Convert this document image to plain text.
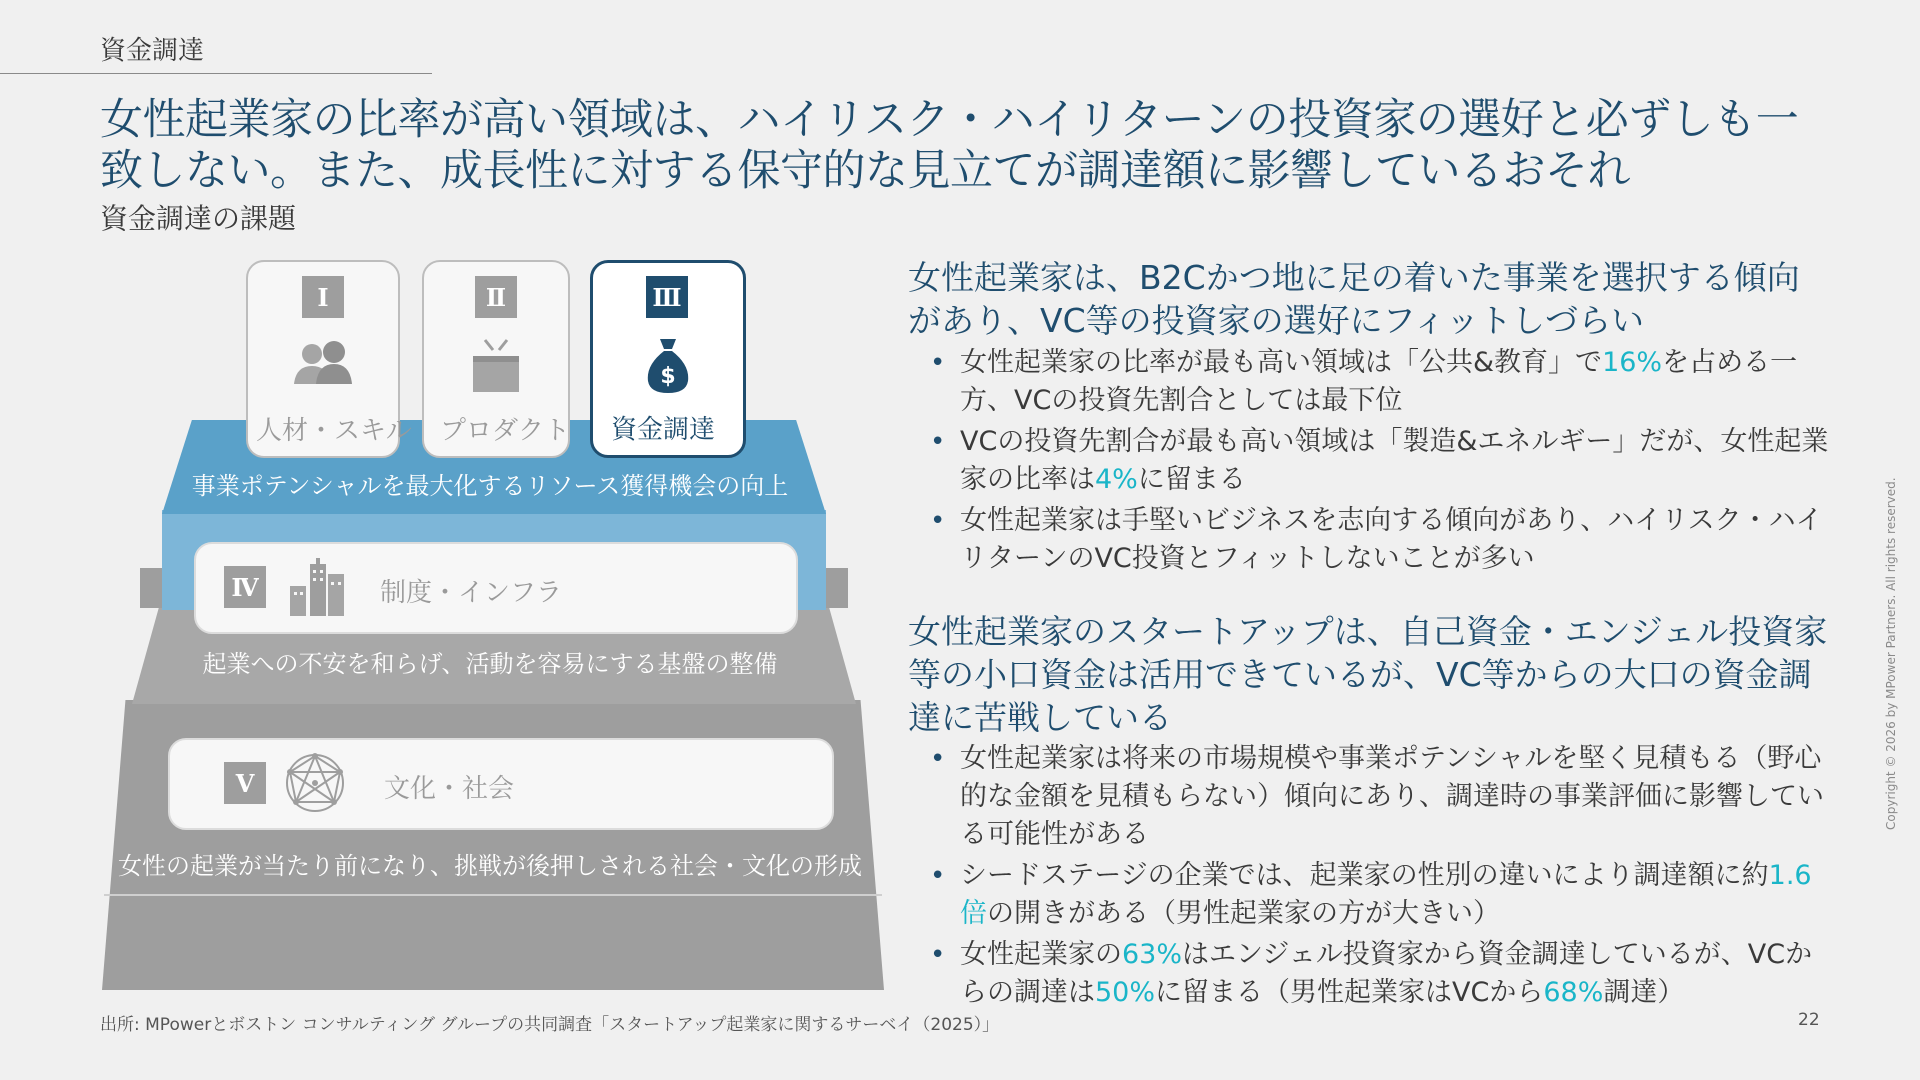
資金調達
女性起業家の比率が高い領域は、ハイリスク・ハイリターンの投資家の選好と必ずしも一致しない。また、成長性に対する保守的な見立てが調達額に影響しているおそれ
資金調達の課題
事業ポテンシャルを最大化するリソース獲得機会の向上
起業への不安を和らげ、活動を容易にする基盤の整備
女性の起業が当たり前になり、挑戦が後押しされる社会・文化の形成
Ⅰ
人材・スキル
Ⅱ
プロダクト
Ⅲ
$
資金調達
Ⅳ	制度・インフラ
Ⅴ	文化・社会
女性起業家は、B2Cかつ地に足の着いた事業を選択する傾向があり、VC等の投資家の選好にフィットしづらい
• 女性起業家の比率が最も高い領域は「公共&教育」で16%を占める一方、VCの投資先割合としては最下位
• VCの投資先割合が最も高い領域は「製造&エネルギー」だが、女性起業家の比率は4%に留まる
• 女性起業家は手堅いビジネスを志向する傾向があり、ハイリスク・ハイリターンのVC投資とフィットしないことが多い
女性起業家のスタートアップは、自己資金・エンジェル投資家等の小口資金は活用できているが、VC等からの大口の資金調達に苦戦している
• 女性起業家は将来の市場規模や事業ポテンシャルを堅く見積もる（野心的な金額を見積もらない）傾向にあり、調達時の事業評価に影響している可能性がある
• シードステージの企業では、起業家の性別の違いにより調達額に約1.6倍の開きがある（男性起業家の方が大きい）
• 女性起業家の63%はエンジェル投資家から資金調達しているが、VCからの調達は50%に留まる（男性起業家はVCから68%調達）
出所: MPowerとボストン コンサルティング グループの共同調査「スタートアップ起業家に関するサーベイ（2025）」	22
Copyright © 2026 by MPower Partners. All rights reserved.
